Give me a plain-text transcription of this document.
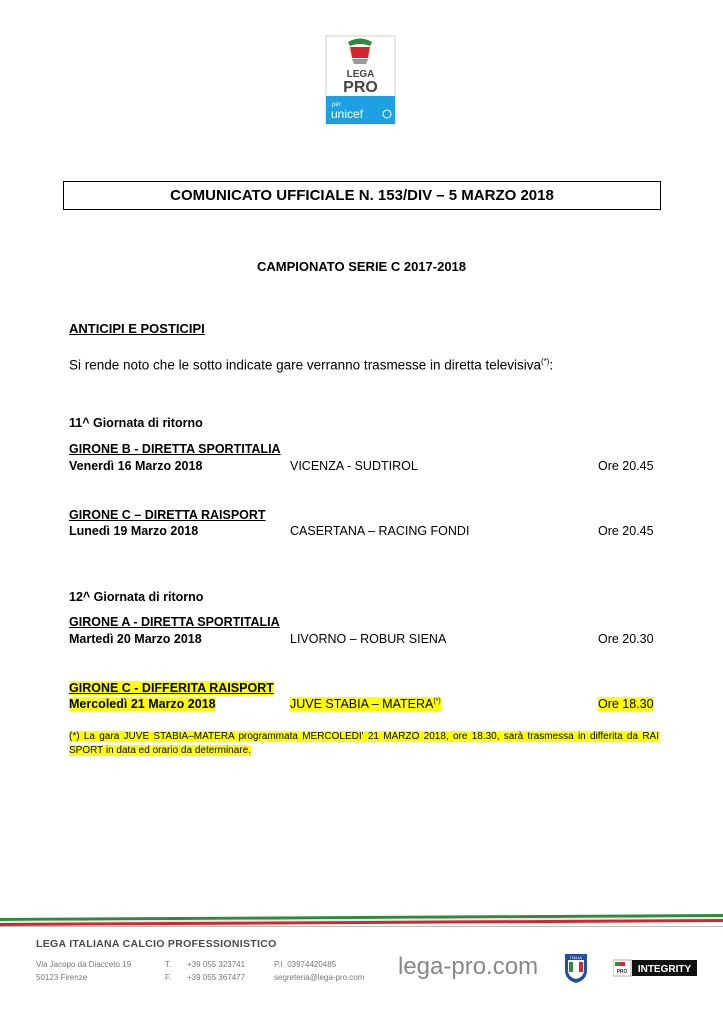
LEGA
PRO
per
unicef
COMUNICATO UFFICIALE N. 153/DIV – 5 MARZO 2018
CAMPIONATO SERIE C 2017-2018
ANTICIPI E POSTICIPI
Si rende noto che le sotto indicate gare verranno trasmesse in diretta televisiva(*):
11^ Giornata di ritorno
GIRONE B - DIRETTA SPORTITALIA
Venerdì 16 Marzo 2018	VICENZA - SUDTIROL	Ore 20.45
GIRONE C – DIRETTA RAISPORT
Lunedì 19 Marzo 2018	CASERTANA – RACING FONDI	Ore 20.45
12^ Giornata di ritorno
GIRONE A - DIRETTA SPORTITALIA
Martedì 20 Marzo 2018	LIVORNO – ROBUR SIENA	Ore 20.30
GIRONE C - DIFFERITA RAISPORT
Mercoledì 21 Marzo 2018	JUVE STABIA – MATERA(*)	Ore 18.30
(*) La gara JUVE STABIA–MATERA programmata MERCOLEDI' 21 MARZO 2018, ore 18.30, sarà trasmessa in differita da RAI SPORT in data ed orario da determinare.
LEGA ITALIANA CALCIO PROFESSIONISTICO
Via Jacopo da Diacceto 19
50123 Firenze
T.
F.
+39 055 323741
+39 055 367477
P.I. 03974420485
segreteria@lega-pro.com lega-pro.com	ITALIA
PRO INTEGRITY
